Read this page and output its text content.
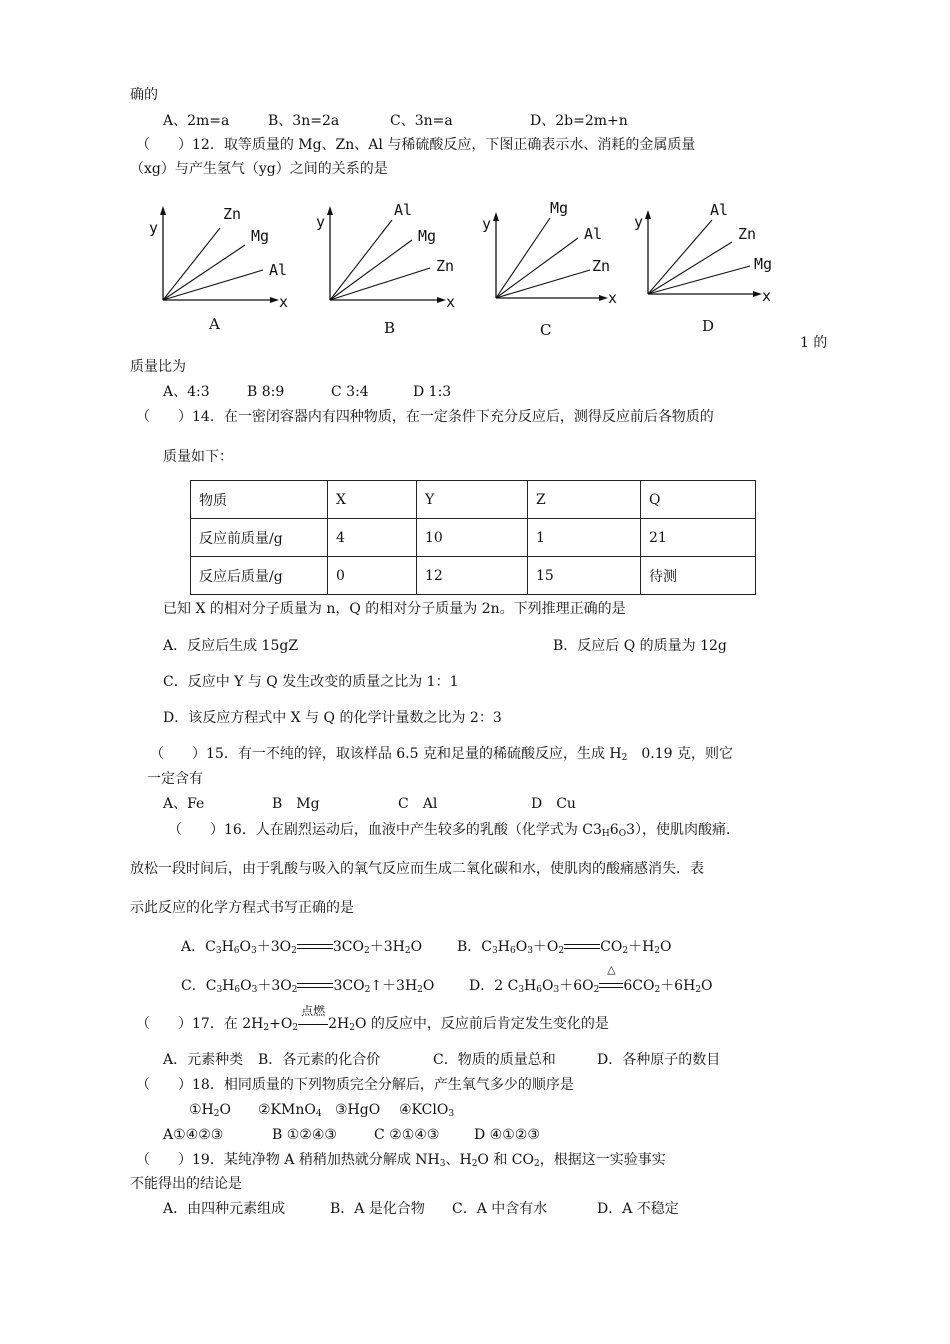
确的
A、2m=a	B、3n=2a	C、3n=a	D、2b=2m+n
（　　）12．取等质量的 Mg、Zn、Al 与稀硫酸反应，下图正确表示水、消耗的金属质量
（xg）与产生氢气（yg）之间的关系的是
y
x
Zn
Mg
Al
A
y
x
Al
Mg
Zn
B
y
x
Mg
Al
Zn
C
y
x
Al
Zn
Mg
D
1 的
质量比为
A、4:3	B 8:9	C 3:4	D 1:3
（　　）14．在一密闭容器内有四种物质，在一定条件下充分反应后，测得反应前后各物质的
质量如下：
物质	X	Y	Z	Q
反应前质量/g	4	10	1	21
反应后质量/g	0	12	15	待测
已知 X 的相对分子质量为 n，Q 的相对分子质量为 2n。下列推理正确的是
A．反应后生成 15gZ	B．反应后 Q 的质量为 12g
C．反应中 Y 与 Q 发生改变的质量之比为 1：1
D．该反应方程式中 X 与 Q 的化学计量数之比为 2：3
（　　）15．有一不纯的锌，取该样品 6.5 克和足量的稀硫酸反应，生成 $H_2$　0.19 克，则它
一定含有
A、Fe	B　Mg	C　Al	D　Cu
（　　）16．人在剧烈运动后，血液中产生较多的乳酸（化学式为 $C3_H6_O3$），使肌肉酸痛．
放松一段时间后，由于乳酸与吸入的氧气反应而生成二氧化碳和水，使肌肉的酸痛感消失．表
示此反应的化学方程式书写正确的是
A．$C_3H_6O_3+3O_2$	$3CO_2+3H_2O$ B．$C_3H_6O_3+O_2$	$CO_2+H_2O$
C．$C_3H_6O_3+3O_2$	$3CO_2↑+3H_2O$ D．2 $C_3H_6O_3+6O_2$
△
$6CO_2+6H_2O$
（　　）17．在 $2H_2+O_2$
点燃
$2H_2O$ 的反应中，反应前后肯定发生变化的是
A．元素种类 B．各元素的化合价	C．物质的质量总和	D．各种原子的数目
（　　）18．相同质量的下列物质完全分解后，产生氧气多少的顺序是
$①H_2O$ ②KMnO$_4$ ③HgO ④KClO$_3$
A①④②③	B ①②④③	C ②①④③ D ④①②③
（　　）19．某纯净物 A 稍稍加热就分解成 $NH_3$、$H_2O$ 和 $CO_2$，根据这一实验事实
不能得出的结论是
A．由四种元素组成	B．A 是化合物 C．A 中含有水	D．A 不稳定
